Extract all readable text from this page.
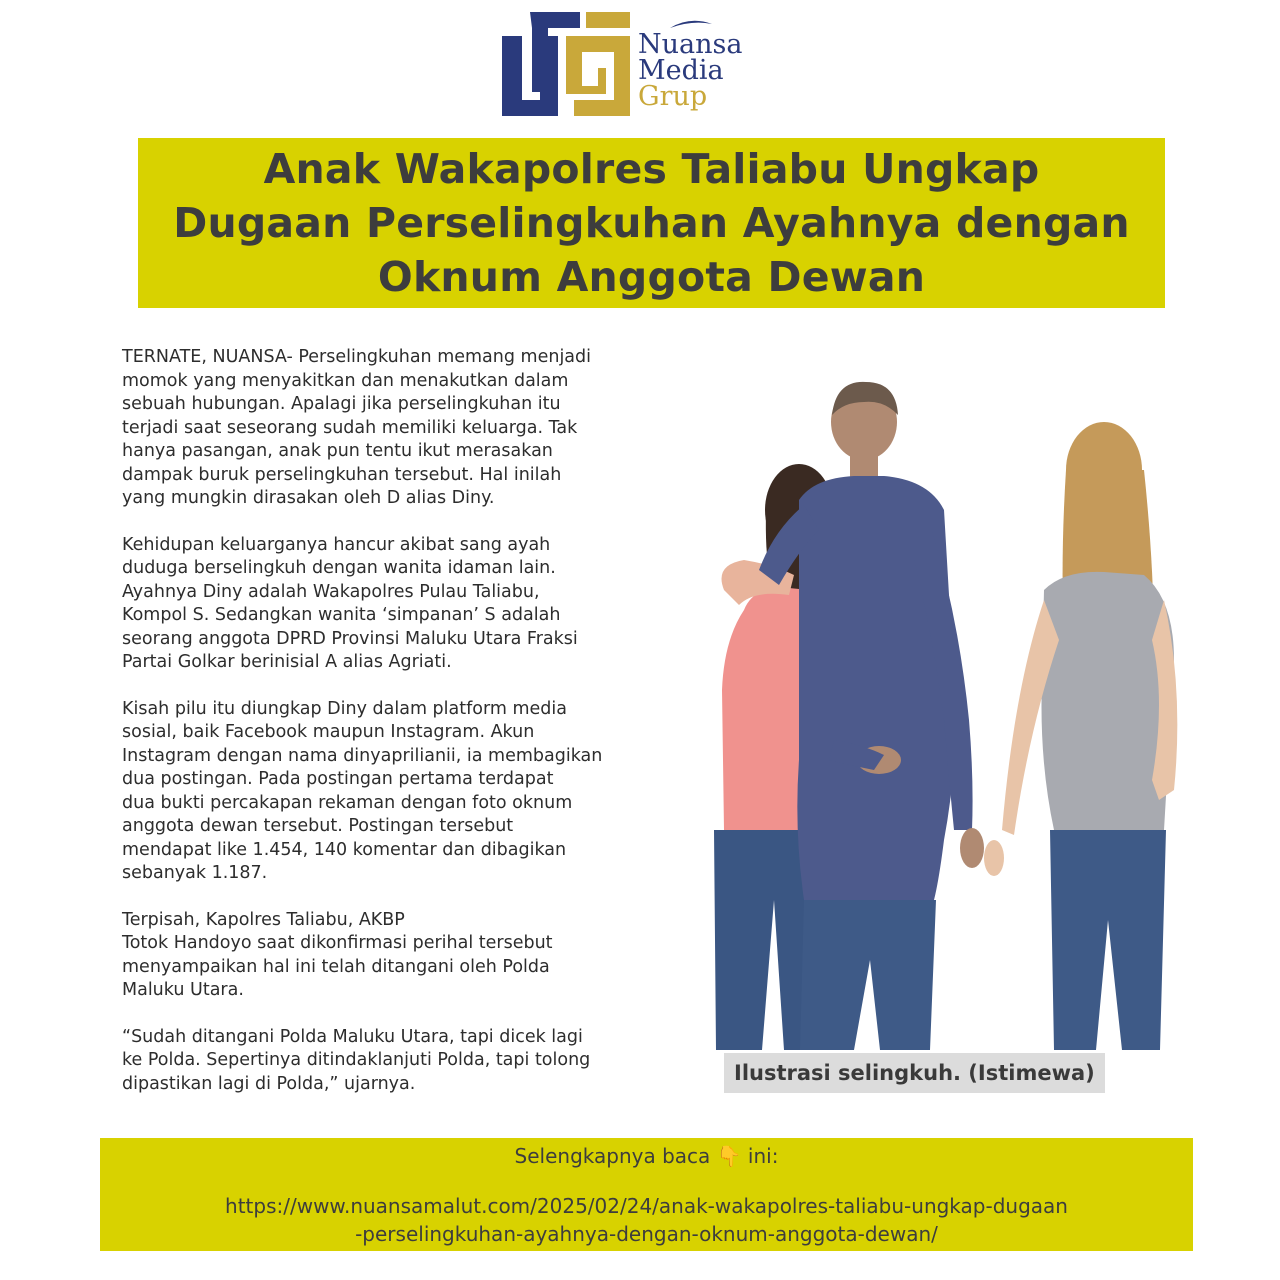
Nuansa
Media
Grup
Anak Wakapolres Taliabu Ungkap Dugaan Perselingkuhan Ayahnya dengan Oknum Anggota Dewan

TERNATE, NUANSA- Perselingkuhan memang menjadi
momok yang menyakitkan dan menakutkan dalam
sebuah hubungan. Apalagi jika perselingkuhan itu
terjadi saat seseorang sudah memiliki keluarga. Tak
hanya pasangan, anak pun tentu ikut merasakan
dampak buruk perselingkuhan tersebut. Hal inilah
yang mungkin dirasakan oleh D alias Diny.

Kehidupan keluarganya hancur akibat sang ayah
duduga berselingkuh dengan wanita idaman lain.
Ayahnya Diny adalah Wakapolres Pulau Taliabu,
Kompol S. Sedangkan wanita ‘simpanan’ S adalah
seorang anggota DPRD Provinsi Maluku Utara Fraksi
Partai Golkar berinisial A alias Agriati.

Kisah pilu itu diungkap Diny dalam platform media
sosial, baik Facebook maupun Instagram. Akun
Instagram dengan nama dinyaprilianii, ia membagikan
dua postingan. Pada postingan pertama terdapat
dua bukti percakapan rekaman dengan foto oknum
anggota dewan tersebut. Postingan tersebut
mendapat like 1.454, 140 komentar dan dibagikan
sebanyak 1.187.

Terpisah, Kapolres Taliabu, AKBP
Totok Handoyo saat dikonfirmasi perihal tersebut
menyampaikan hal ini telah ditangani oleh Polda
Maluku Utara.

“Sudah ditangani Polda Maluku Utara, tapi dicek lagi
ke Polda. Sepertinya ditindaklanjuti Polda, tapi tolong
dipastikan lagi di Polda,” ujarnya.	Ilustrasi selingkuh. (Istimewa)
Selengkapnya baca 👇 ini:
https://www.nuansamalut.com/2025/02/24/anak-wakapolres-taliabu-ungkap-dugaan
-perselingkuhan-ayahnya-dengan-oknum-anggota-dewan/
